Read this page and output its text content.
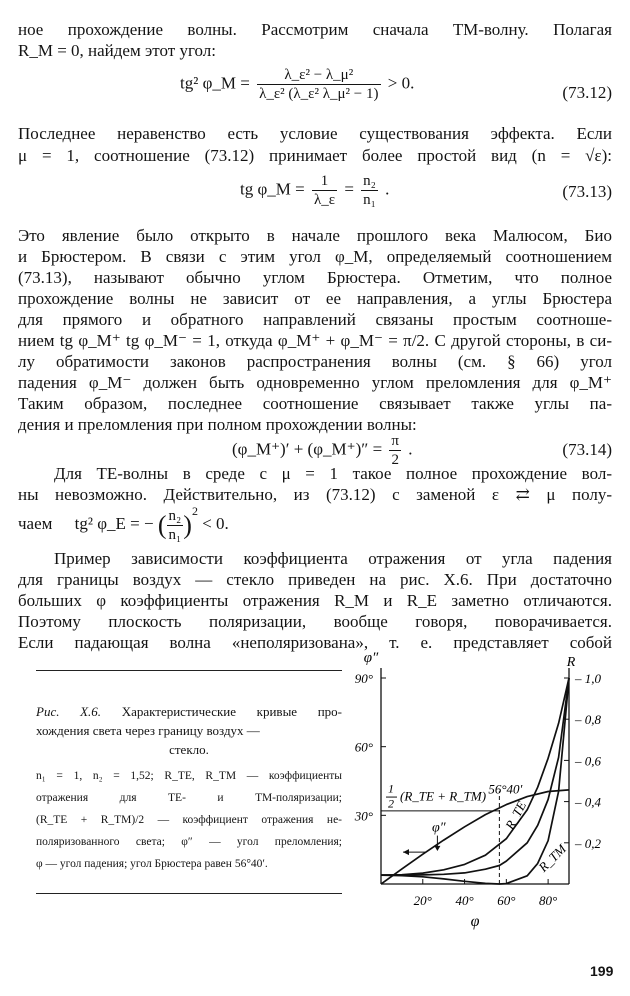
ное прохождение волны. Рассмотрим сначала ТМ-волну. Полагая
R_M = 0, найдем этот угол:
tg² φ_M = $\frac{\text{λ\_ε² − λ\_μ²}}{\text{λ\_ε² (λ\_ε² λ\_μ² − 1)}} > 0$.
(73.12)
Последнее неравенство есть условие существования эффекта. Если
μ = 1, соотношение (73.12) принимает более простой вид (n = √ε):
tg φ_M = $\frac{1}{\lambda\_\varepsilon} = \frac{\text{n₂}}{\text{n₁}}$ .	(73.13)
Это явление было открыто в начале прошлого века Малюсом, Био
и Брюстером. В связи с этим угол φ_M, определяемый соотношением
(73.13), называют обычно углом Брюстера. Отметим, что полное
прохождение волны не зависит от ее направления, а углы Брюстера
для прямого и обратного направлений связаны простым соотноше-
нием tg φ_M⁺ tg φ_M⁻ = 1, откуда φ_M⁺ + φ_M⁻ = π/2. С другой стороны, в си-
лу обратимости законов распространения волны (см. § 66) угол
падения φ_M⁻ должен быть одновременно углом преломления для φ_M⁺
Таким образом, последнее соотношение связывает также углы па-
дения и преломления при полном прохождении волны:
(φ_M⁺)′ + (φ_M⁺)″ = $\frac{\pi}{2}$ .	(73.14)
Для ТЕ-волны в среде с μ = 1 такое полное прохождение вол-
ны невозможно. Действительно, из (73.12) с заменой ε ⇄ μ полу-
чаем tg² φ_E = − ( $\frac{\text{n₂}}{\text{n₁}} )^2 < 0$.
Пример зависимости коэффициента отражения от угла падения
для границы воздух — стекло приведен на рис. X.6. При достаточно
больших φ коэффициенты отражения R_M и R_E заметно отличаются.
Поэтому плоскость поляризации, вообще говоря, поворачивается.
Если падающая волна «неполяризована», т. е. представляет собой
Рис. X.6. Характеристические кривые про-
хождения света через границу воздух —
стекло.
n₁ = 1, n₂ = 1,52; R_TE, R_TM — коэффициенты
отражения для ТЕ- и ТМ-поляризации;
(R_TE + R_TM)/2 — коэффициент отражения не-
поляризованного света; φ″ — угол преломления;
φ — угол падения; угол Брюстера равен 56°40′.
φ″	R
φ
20° 40° 60° 80°
30°
60°
90°
– 0,2
– 0,4
– 0,6
– 0,8
– 1,0
56°40′
1
2 (R_TE + R_TM)
φ″	R_TE
R_TM
199
